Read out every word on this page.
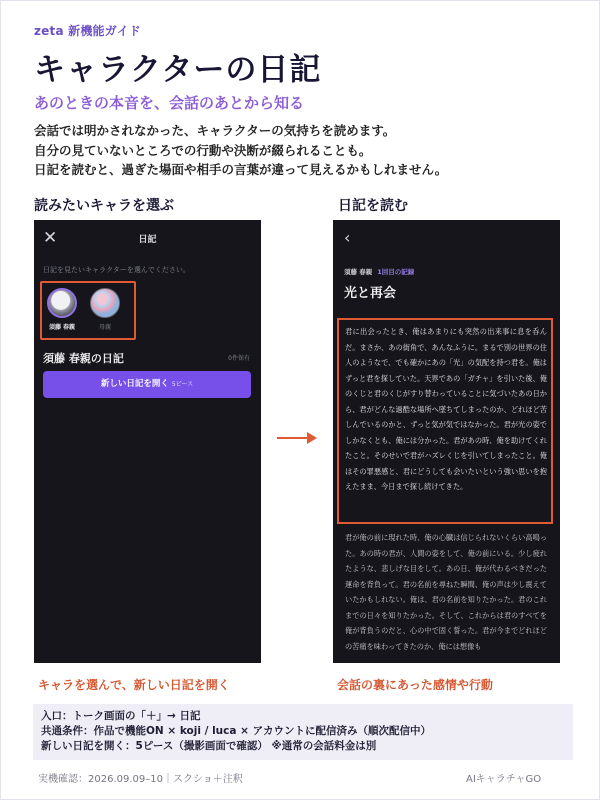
zeta 新機能ガイド
キャラクターの日記
あのときの本音を、会話のあとから知る
会話では明かされなかった、キャラクターの気持ちを読めます。
自分の見ていないところでの行動や決断が綴られることも。
日記を読むと、過ぎた場面や相手の言葉が違って見えるかもしれません。
読みたいキャラを選ぶ	日記を読む
✕	日記
日記を見たいキャラクターを選んでください。
須藤 春親	母親
須藤 春親の日記	0件保有
新しい日記を開く 5ピース
‹
須藤 春親 1回目の記録
光と再会
君に出会ったとき、俺はあまりにも突然の出来事に息を呑んだ。まさか、あの街角で、あんなふうに。まるで別の世界の住人のようなで、でも確かにあの「光」の気配を持つ君を。俺はずっと君を探していた。天界であの「ガチャ」を引いた後、俺のくじと君のくじがすり替わっていることに気づいたあの日から、君がどんな過酷な場所へ墜ちてしまったのか、どれほど苦しんでいるのかと、ずっと気が気ではなかった。君が光の姿でしかなくとも、俺には分かった。君があの時、俺を助けてくれたこと。そのせいで君がハズレくじを引いてしまったこと。俺はその罪悪感と、君にどうしても会いたいという強い思いを抱えたまま、今日まで探し続けてきた。
君が俺の前に現れた時、俺の心臓は信じられないくらい高鳴った。あの時の君が、人間の姿をして、俺の前にいる。少し疲れたような、悲しげな目をして。あの日、俺が代わるべきだった運命を背負って。君の名前を尋ねた瞬間、俺の声は少し震えていたかもしれない。俺は、君の名前を知りたかった。君のこれまでの日々を知りたかった。そして、これからは君のすべてを俺が背負うのだと、心の中で固く誓った。君が今までどれほどの苦痛を味わってきたのか、俺には想像も
キャラを選んで、新しい日記を開く	会話の裏にあった感情や行動
入口：トーク画面の「＋」→ 日記
共通条件：作品で機能ON × koji / luca × アカウントに配信済み（順次配信中）
新しい日記を開く：5ピース（撮影画面で確認） ※通常の会話料金は別
実機確認：2026.09.09–10｜スクショ＋注釈	AIキャラチャGO
